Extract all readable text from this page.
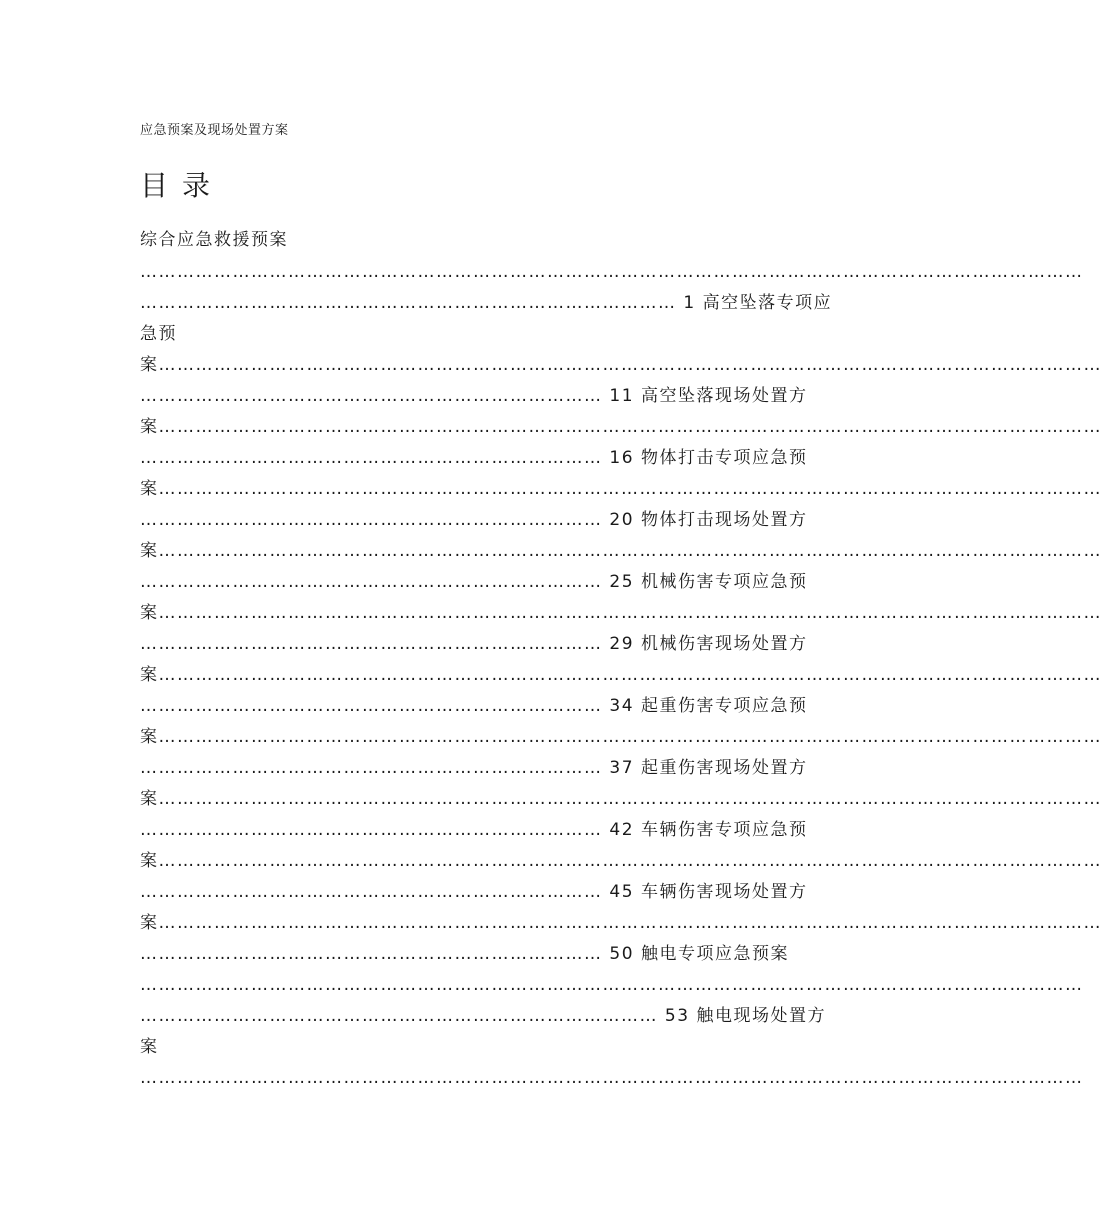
应急预案及现场处置方案
目录
综合应急救援预案
………………………………………………………………………………………………………………………………………
…………………………………………………………………………… 1 高空坠落专项应
急预
案………………………………………………………………………………………………………………………………………
………………………………………………………………… 11 高空坠落现场处置方
案………………………………………………………………………………………………………………………………………
………………………………………………………………… 16 物体打击专项应急预
案………………………………………………………………………………………………………………………………………
………………………………………………………………… 20 物体打击现场处置方
案………………………………………………………………………………………………………………………………………
………………………………………………………………… 25 机械伤害专项应急预
案………………………………………………………………………………………………………………………………………
………………………………………………………………… 29 机械伤害现场处置方
案………………………………………………………………………………………………………………………………………
………………………………………………………………… 34 起重伤害专项应急预
案………………………………………………………………………………………………………………………………………
………………………………………………………………… 37 起重伤害现场处置方
案………………………………………………………………………………………………………………………………………
………………………………………………………………… 42 车辆伤害专项应急预
案………………………………………………………………………………………………………………………………………
………………………………………………………………… 45 车辆伤害现场处置方
案………………………………………………………………………………………………………………………………………
………………………………………………………………… 50 触电专项应急预案
………………………………………………………………………………………………………………………………………
………………………………………………………………………… 53 触电现场处置方
案
………………………………………………………………………………………………………………………………………
